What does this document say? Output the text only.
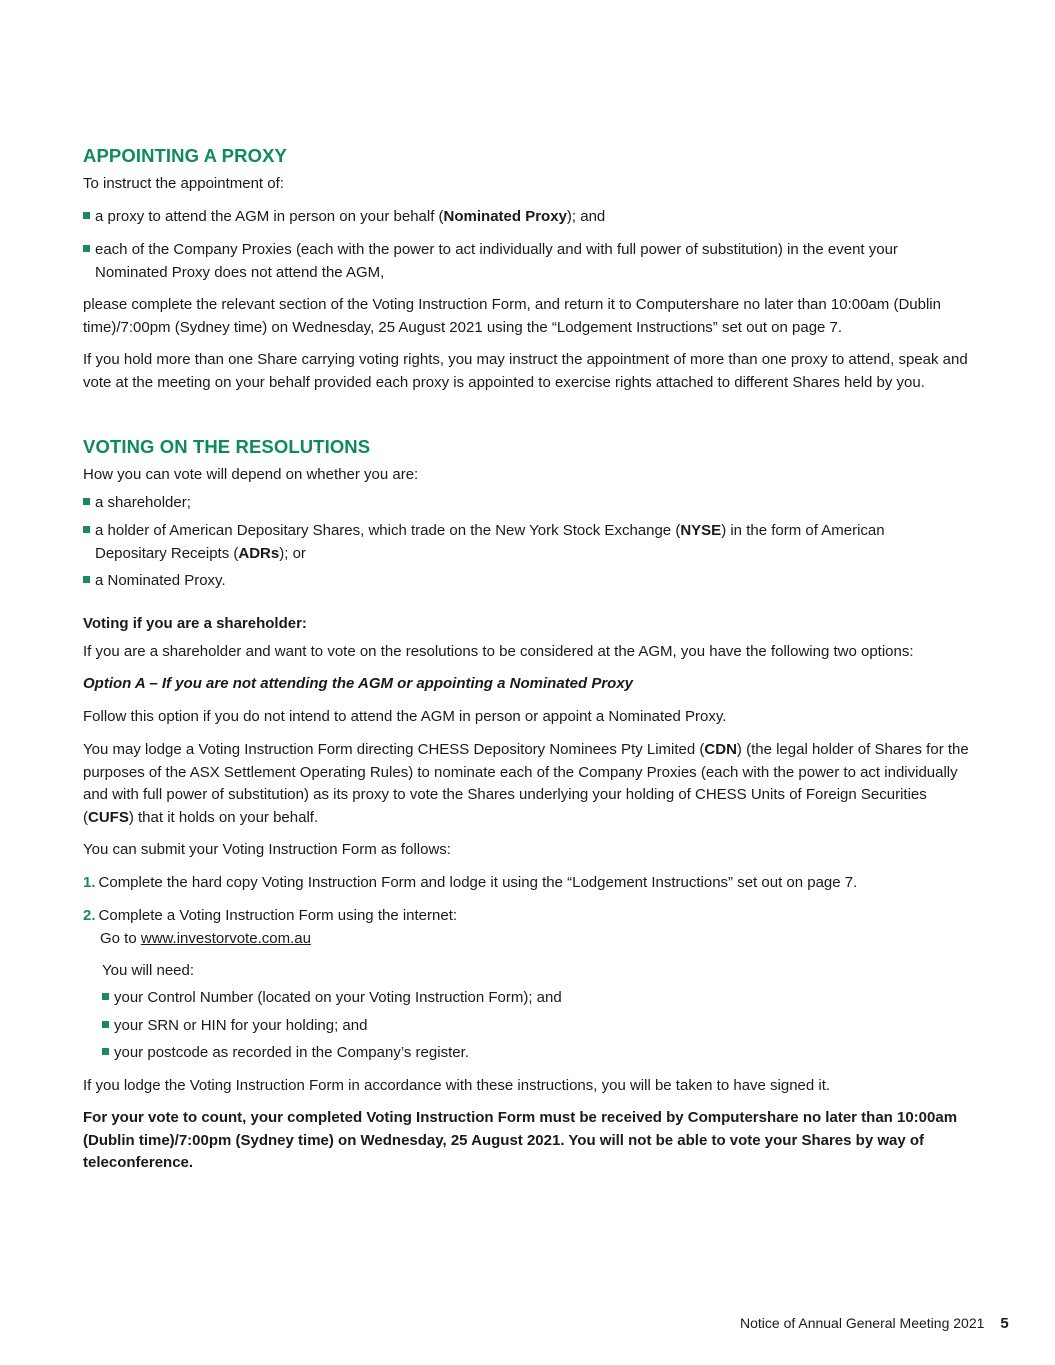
APPOINTING A PROXY
To instruct the appointment of:
a proxy to attend the AGM in person on your behalf (Nominated Proxy); and
each of the Company Proxies (each with the power to act individually and with full power of substitution) in the event your
Nominated Proxy does not attend the AGM,
please complete the relevant section of the Voting Instruction Form, and return it to Computershare no later than 10:00am (Dublin time)/7:00pm (Sydney time) on Wednesday, 25 August 2021 using the “Lodgement Instructions” set out on page 7.
If you hold more than one Share carrying voting rights, you may instruct the appointment of more than one proxy to attend, speak and vote at the meeting on your behalf provided each proxy is appointed to exercise rights attached to different Shares held by you.
VOTING ON THE RESOLUTIONS
How you can vote will depend on whether you are:
a shareholder;
a holder of American Depositary Shares, which trade on the New York Stock Exchange (NYSE) in the form of American
Depositary Receipts (ADRs); or
a Nominated Proxy.
Voting if you are a shareholder:
If you are a shareholder and want to vote on the resolutions to be considered at the AGM, you have the following two options:
Option A – If you are not attending the AGM or appointing a Nominated Proxy
Follow this option if you do not intend to attend the AGM in person or appoint a Nominated Proxy.
You may lodge a Voting Instruction Form directing CHESS Depository Nominees Pty Limited (CDN) (the legal holder of Shares for the purposes of the ASX Settlement Operating Rules) to nominate each of the Company Proxies (each with the power to act individually and with full power of substitution) as its proxy to vote the Shares underlying your holding of CHESS Units of Foreign Securities (CUFS) that it holds on your behalf.
You can submit your Voting Instruction Form as follows:
1. Complete the hard copy Voting Instruction Form and lodge it using the “Lodgement Instructions” set out on page 7.
2. Complete a Voting Instruction Form using the internet:
Go to www.investorvote.com.au
You will need:
your Control Number (located on your Voting Instruction Form); and
your SRN or HIN for your holding; and
your postcode as recorded in the Company’s register.
If you lodge the Voting Instruction Form in accordance with these instructions, you will be taken to have signed it.
For your vote to count, your completed Voting Instruction Form must be received by Computershare no later than 10:00am (Dublin time)/7:00pm (Sydney time) on Wednesday, 25 August 2021. You will not be able to vote your Shares by way of teleconference.
Notice of Annual General Meeting 2021 5
